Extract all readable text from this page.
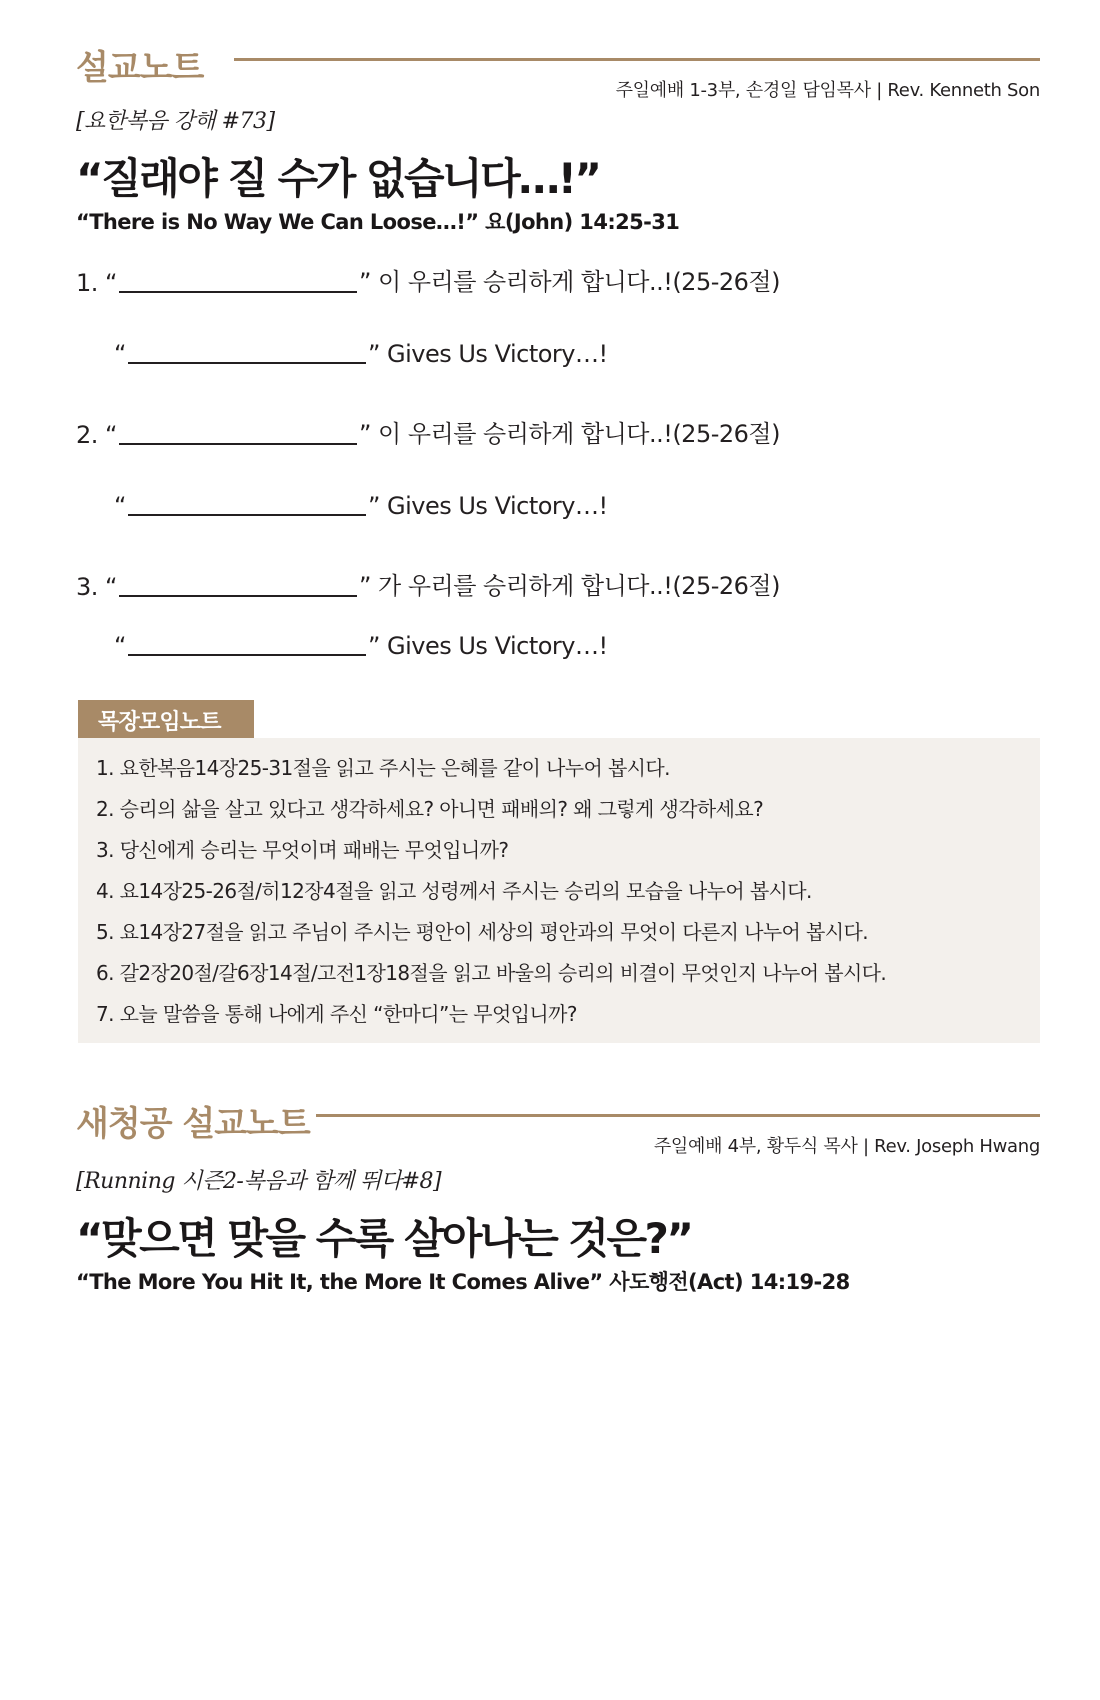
설교노트
주일예배 1-3부, 손경일 담임목사 | Rev. Kenneth Son
[요한복음 강해 #73]
“질래야 질 수가 없습니다…!”
“There is No Way We Can Loose…!” 요(John) 14:25-31
1. “	” 이 우리를 승리하게 합니다..!(25-26절)
“	” Gives Us Victory…!
2. “	” 이 우리를 승리하게 합니다..!(25-26절)
“	” Gives Us Victory…!
3. “	” 가 우리를 승리하게 합니다..!(25-26절)
“	” Gives Us Victory…!
목장모임노트
1. 요한복음14장25-31절을 읽고 주시는 은혜를 같이 나누어 봅시다.
2. 승리의 삶을 살고 있다고 생각하세요? 아니면 패배의? 왜 그렇게 생각하세요?
3. 당신에게 승리는 무엇이며 패배는 무엇입니까?
4. 요14장25-26절/히12장4절을 읽고 성령께서 주시는 승리의 모습을 나누어 봅시다.
5. 요14장27절을 읽고 주님이 주시는 평안이 세상의 평안과의 무엇이 다른지 나누어 봅시다.
6. 갈2장20절/갈6장14절/고전1장18절을 읽고 바울의 승리의 비결이 무엇인지 나누어 봅시다.
7. 오늘 말씀을 통해 나에게 주신 “한마디”는 무엇입니까?
새청공 설교노트
주일예배 4부, 황두식 목사 | Rev. Joseph Hwang
[Running 시즌2-복음과 함께 뛰다#8]
“맞으면 맞을 수록 살아나는 것은?”
“The More You Hit It, the More It Comes Alive” 사도행전(Act) 14:19-28
